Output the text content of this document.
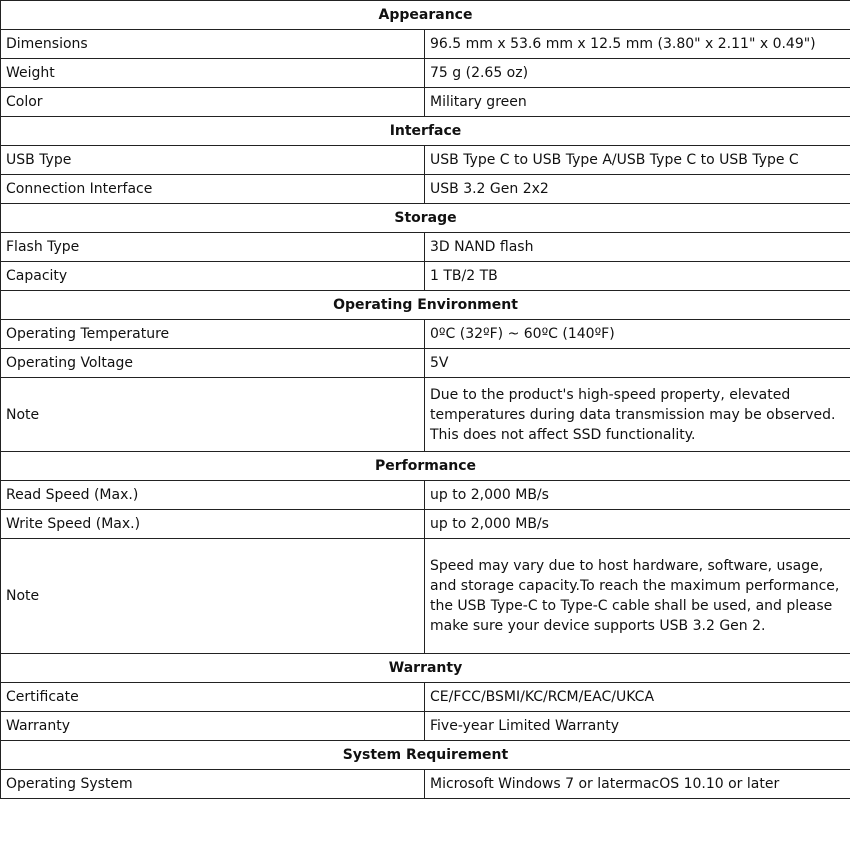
Appearance	
Dimensions	96.5 mm x 53.6 mm x 12.5 mm (3.80" x 2.11" x 0.49")
Weight	75 g (2.65 oz)
Color	Military green
Interface	
USB Type	USB Type C to USB Type A/USB Type C to USB Type C
Connection Interface	USB 3.2 Gen 2x2
Storage	
Flash Type	3D NAND flash
Capacity	1 TB/2 TB
Operating Environment	
Operating Temperature	0ºC (32ºF) ~ 60ºC (140ºF)
Operating Voltage	5V
Note	Due to the product's high-speed property, elevated temperatures during data transmission may be observed. This does not affect SSD functionality.
Performance	
Read Speed (Max.)	up to 2,000 MB/s
Write Speed (Max.)	up to 2,000 MB/s
Note	Speed may vary due to host hardware, software, usage, and storage capacity.To reach the maximum performance, the USB Type-C to Type-C cable shall be used, and please make sure your device supports USB 3.2 Gen 2.
Warranty	
Certificate	CE/FCC/BSMI/KC/RCM/EAC/UKCA
Warranty	Five-year Limited Warranty
System Requirement	
Operating System	Microsoft Windows 7 or latermacOS 10.10 or later
